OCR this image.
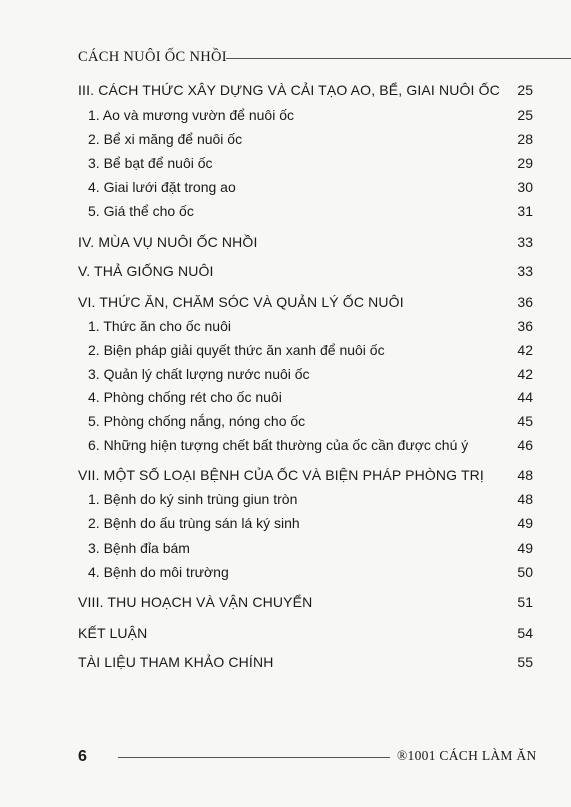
CÁCH NUÔI ỐC NHỒI
III. CÁCH THỨC XÂY DỰNG VÀ CẢI TẠO AO, BỂ, GIAI NUÔI ỐC 25
1. Ao và mương vườn để nuôi ốc	25
2. Bể xi măng để nuôi ốc	28
3. Bể bạt để nuôi ốc	29
4. Giai lưới đặt trong ao	30
5. Giá thể cho ốc	31
IV. MÙA VỤ NUÔI ỐC NHỒI	33
V. THẢ GIỐNG NUÔI	33
VI. THỨC ĂN, CHĂM SÓC VÀ QUẢN LÝ ỐC NUÔI	36
1. Thức ăn cho ốc nuôi	36
2. Biện pháp giải quyết thức ăn xanh để nuôi ốc	42
3. Quản lý chất lượng nước nuôi ốc	42
4. Phòng chống rét cho ốc nuôi	44
5. Phòng chống nắng, nóng cho ốc	45
6. Những hiện tượng chết bất thường của ốc cần được chú ý	46
VII. MỘT SỐ LOẠI BỆNH CỦA ỐC VÀ BIỆN PHÁP PHÒNG TRỊ 48
1. Bệnh do ký sinh trùng giun tròn	48
2. Bệnh do ấu trùng sán lá ký sinh	49
3. Bệnh đỉa bám	49
4. Bệnh do môi trường	50
VIII. THU HOẠCH VÀ VẬN CHUYỂN	51
KẾT LUẬN	54
TÀI LIỆU THAM KHẢO CHÍNH	55
6	®1001 CÁCH LÀM ĂN
